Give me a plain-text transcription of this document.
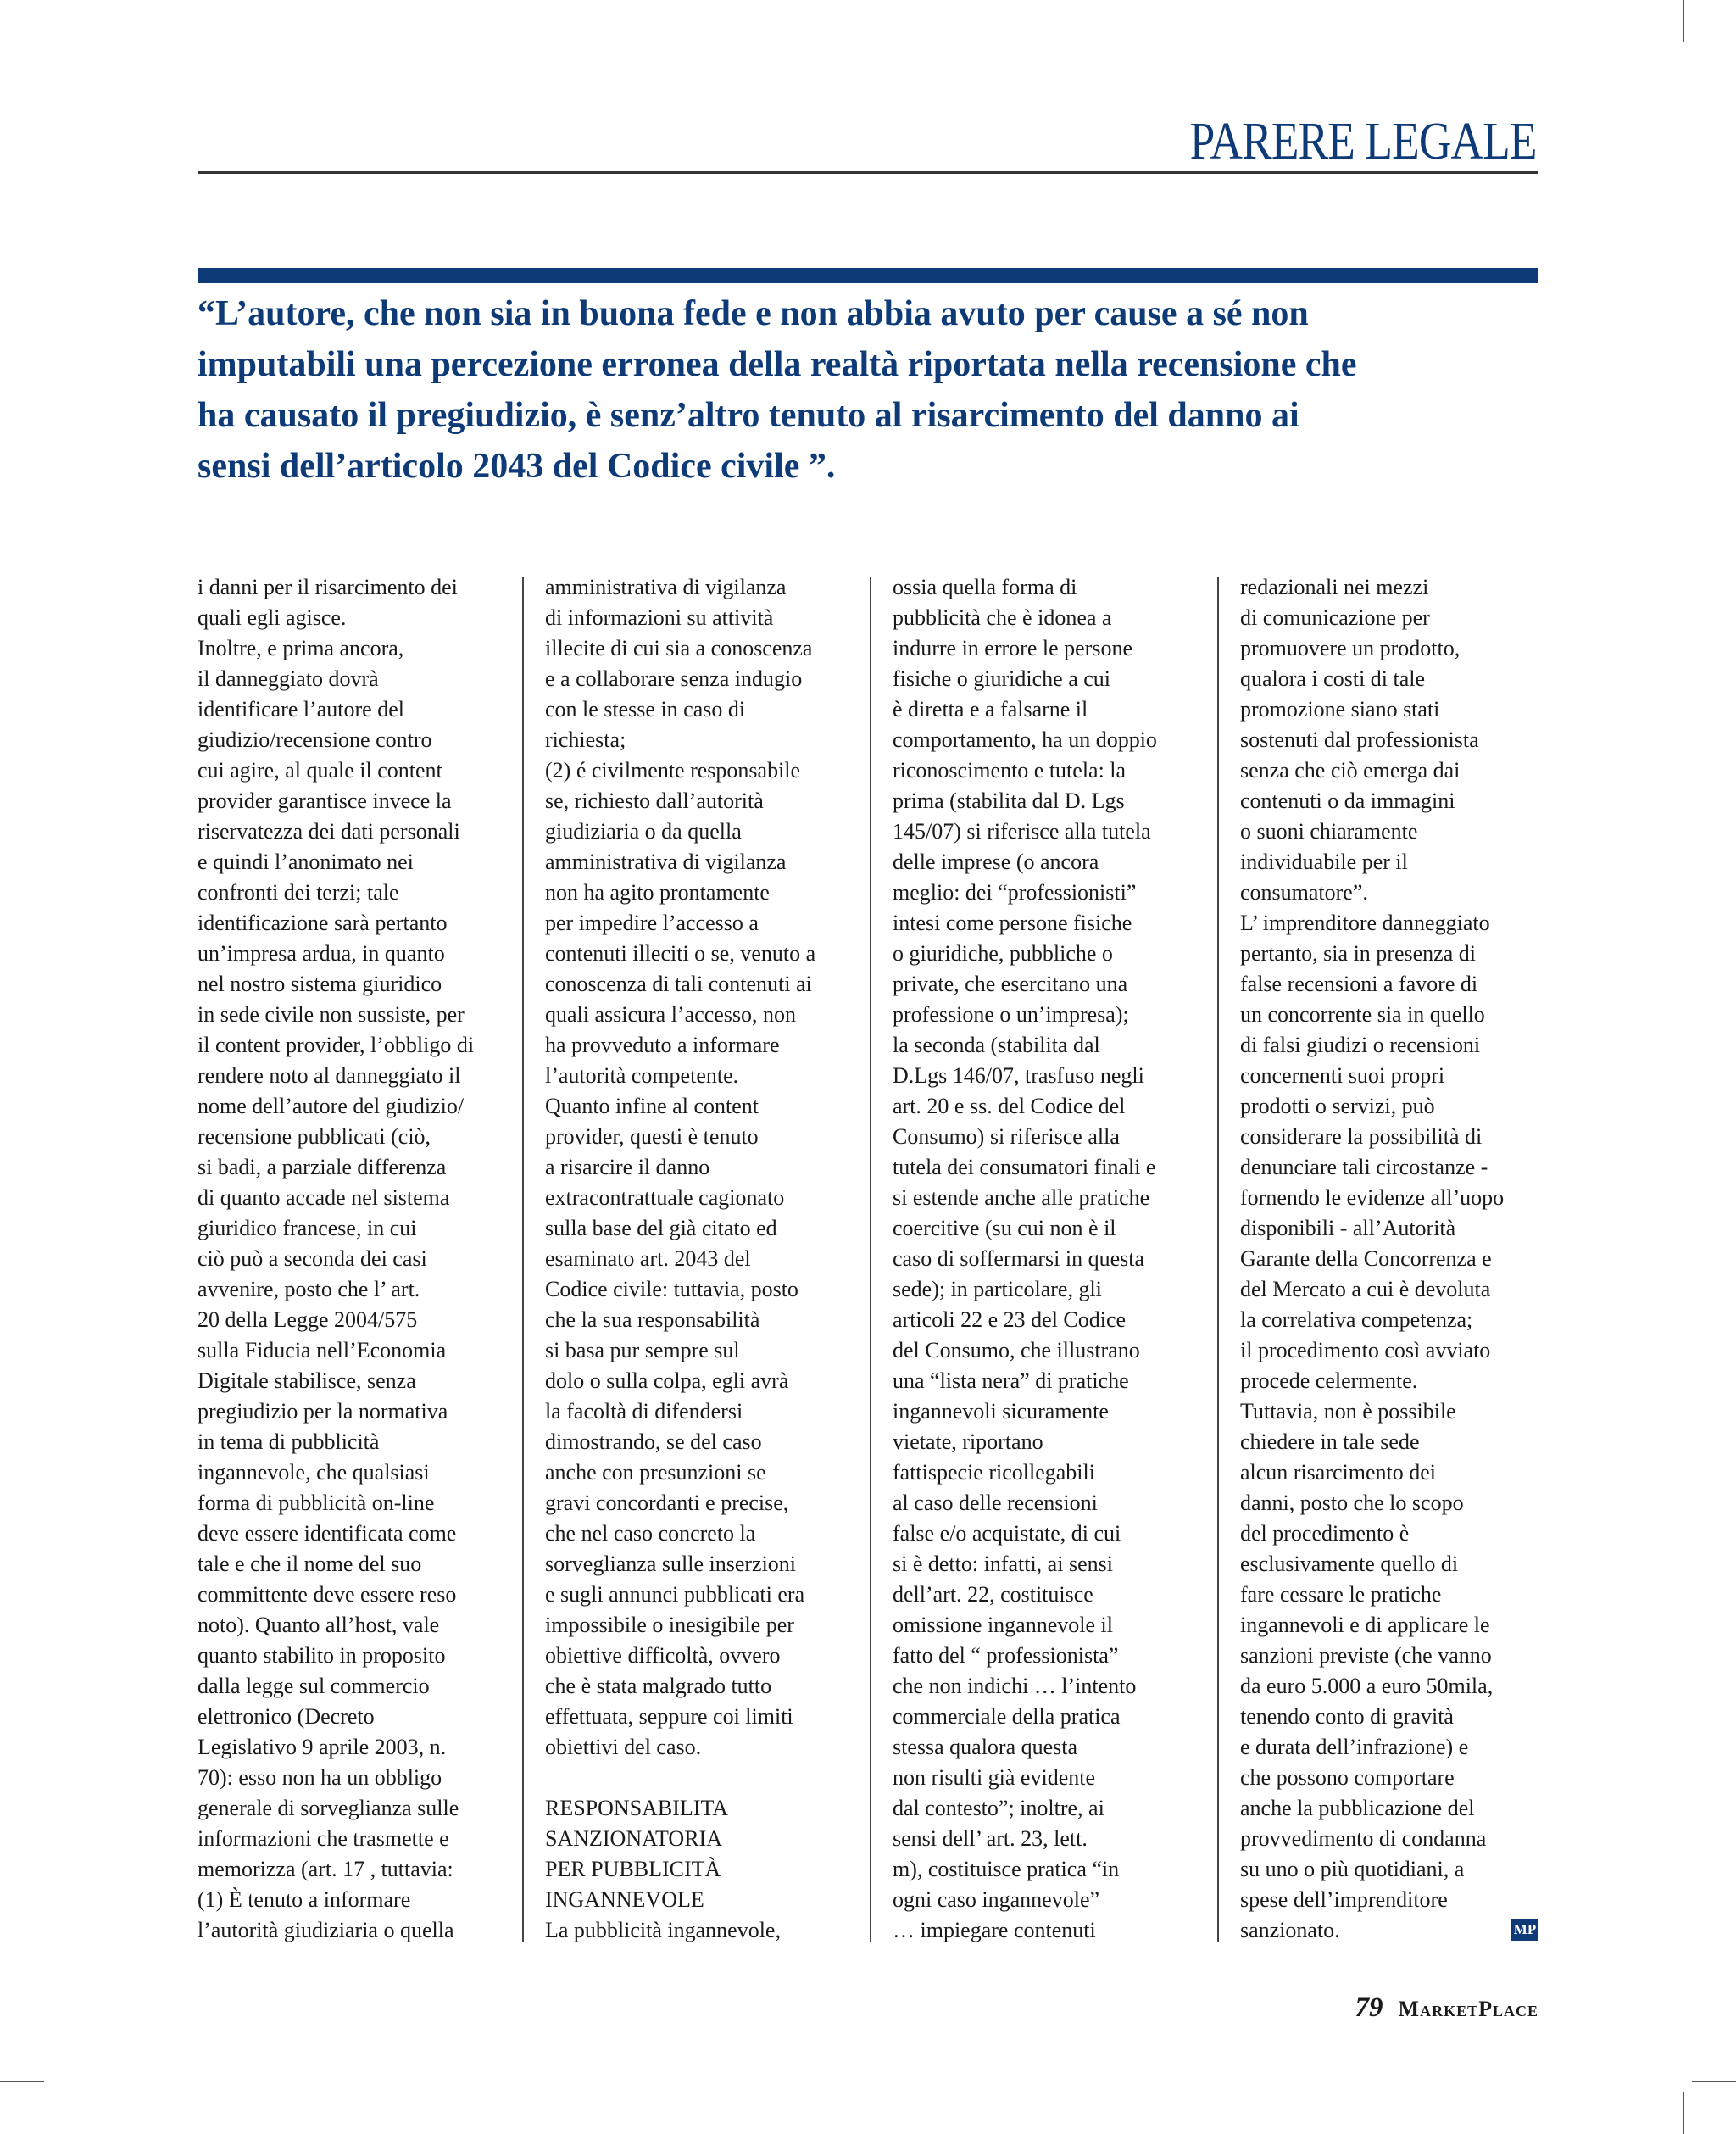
PARERE LEGALE
“L’autore, che non sia in buona fede e non abbia avuto per cause a sé non
imputabili una percezione erronea della realtà riportata nella recensione che
ha causato il pregiudizio, è senz’altro tenuto al risarcimento del danno ai
sensi dell’articolo 2043 del Codice civile ”.
i danni per il risarcimento dei
quali egli agisce.
Inoltre, e prima ancora,
il danneggiato dovrà
identificare l’autore del
giudizio/recensione contro
cui agire, al quale il content
provider garantisce invece la
riservatezza dei dati personali
e quindi l’anonimato nei
confronti dei terzi; tale
identificazione sarà pertanto
un’impresa ardua, in quanto
nel nostro sistema giuridico
in sede civile non sussiste, per
il content provider, l’obbligo di
rendere noto al danneggiato il
nome dell’autore del giudizio/
recensione pubblicati (ciò,
si badi, a parziale differenza
di quanto accade nel sistema
giuridico francese, in cui
ciò può a seconda dei casi
avvenire, posto che l’ art.
20 della Legge 2004/575
sulla Fiducia nell’Economia
Digitale stabilisce, senza
pregiudizio per la normativa
in tema di pubblicità
ingannevole, che qualsiasi
forma di pubblicità on-line
deve essere identificata come
tale e che il nome del suo
committente deve essere reso
noto). Quanto all’host, vale
quanto stabilito in proposito
dalla legge sul commercio
elettronico (Decreto
Legislativo 9 aprile 2003, n.
70): esso non ha un obbligo
generale di sorveglianza sulle
informazioni che trasmette e
memorizza (art. 17 , tuttavia:
(1) È tenuto a informare
l’autorità giudiziaria o quella
amministrativa di vigilanza
di informazioni su attività
illecite di cui sia a conoscenza
e a collaborare senza indugio
con le stesse in caso di
richiesta;
(2) é civilmente responsabile
se, richiesto dall’autorità
giudiziaria o da quella
amministrativa di vigilanza
non ha agito prontamente
per impedire l’accesso a
contenuti illeciti o se, venuto a
conoscenza di tali contenuti ai
quali assicura l’accesso, non
ha provveduto a informare
l’autorità competente.
Quanto infine al content
provider, questi è tenuto
a risarcire il danno
extracontrattuale cagionato
sulla base del già citato ed
esaminato art. 2043 del
Codice civile: tuttavia, posto
che la sua responsabilità
si basa pur sempre sul
dolo o sulla colpa, egli avrà
la facoltà di difendersi
dimostrando, se del caso
anche con presunzioni se
gravi concordanti e precise,
che nel caso concreto la
sorveglianza sulle inserzioni
e sugli annunci pubblicati era
impossibile o inesigibile per
obiettive difficoltà, ovvero
che è stata malgrado tutto
effettuata, seppure coi limiti
obiettivi del caso.
RESPONSABILITA
SANZIONATORIA
PER PUBBLICITÀ
INGANNEVOLE
La pubblicità ingannevole,
ossia quella forma di
pubblicità che è idonea a
indurre in errore le persone
fisiche o giuridiche a cui
è diretta e a falsarne il
comportamento, ha un doppio
riconoscimento e tutela: la
prima (stabilita dal D. Lgs
145/07) si riferisce alla tutela
delle imprese (o ancora
meglio: dei “professionisti”
intesi come persone fisiche
o giuridiche, pubbliche o
private, che esercitano una
professione o un’impresa);
la seconda (stabilita dal
D.Lgs 146/07, trasfuso negli
art. 20 e ss. del Codice del
Consumo) si riferisce alla
tutela dei consumatori finali e
si estende anche alle pratiche
coercitive (su cui non è il
caso di soffermarsi in questa
sede); in particolare, gli
articoli 22 e 23 del Codice
del Consumo, che illustrano
una “lista nera” di pratiche
ingannevoli sicuramente
vietate, riportano
fattispecie ricollegabili
al caso delle recensioni
false e/o acquistate, di cui
si è detto: infatti, ai sensi
dell’art. 22, costituisce
omissione ingannevole il
fatto del “ professionista”
che non indichi … l’intento
commerciale della pratica
stessa qualora questa
non risulti già evidente
dal contesto”; inoltre, ai
sensi dell’ art. 23, lett.
m), costituisce pratica “in
ogni caso ingannevole”
… impiegare contenuti
redazionali nei mezzi
di comunicazione per
promuovere un prodotto,
qualora i costi di tale
promozione siano stati
sostenuti dal professionista
senza che ciò emerga dai
contenuti o da immagini
o suoni chiaramente
individuabile per il
consumatore”.
L’ imprenditore danneggiato
pertanto, sia in presenza di
false recensioni a favore di
un concorrente sia in quello
di falsi giudizi o recensioni
concernenti suoi propri
prodotti o servizi, può
considerare la possibilità di
denunciare tali circostanze -
fornendo le evidenze all’uopo
disponibili - all’Autorità
Garante della Concorrenza e
del Mercato a cui è devoluta
la correlativa competenza;
il procedimento così avviato
procede celermente.
Tuttavia, non è possibile
chiedere in tale sede
alcun risarcimento dei
danni, posto che lo scopo
del procedimento è
esclusivamente quello di
fare cessare le pratiche
ingannevoli e di applicare le
sanzioni previste (che vanno
da euro 5.000 a euro 50mila,
tenendo conto di gravità
e durata dell’infrazione) e
che possono comportare
anche la pubblicazione del
provvedimento di condanna
su uno o più quotidiani, a
spese dell’imprenditore
sanzionato.	MP
79 MarketPlace
